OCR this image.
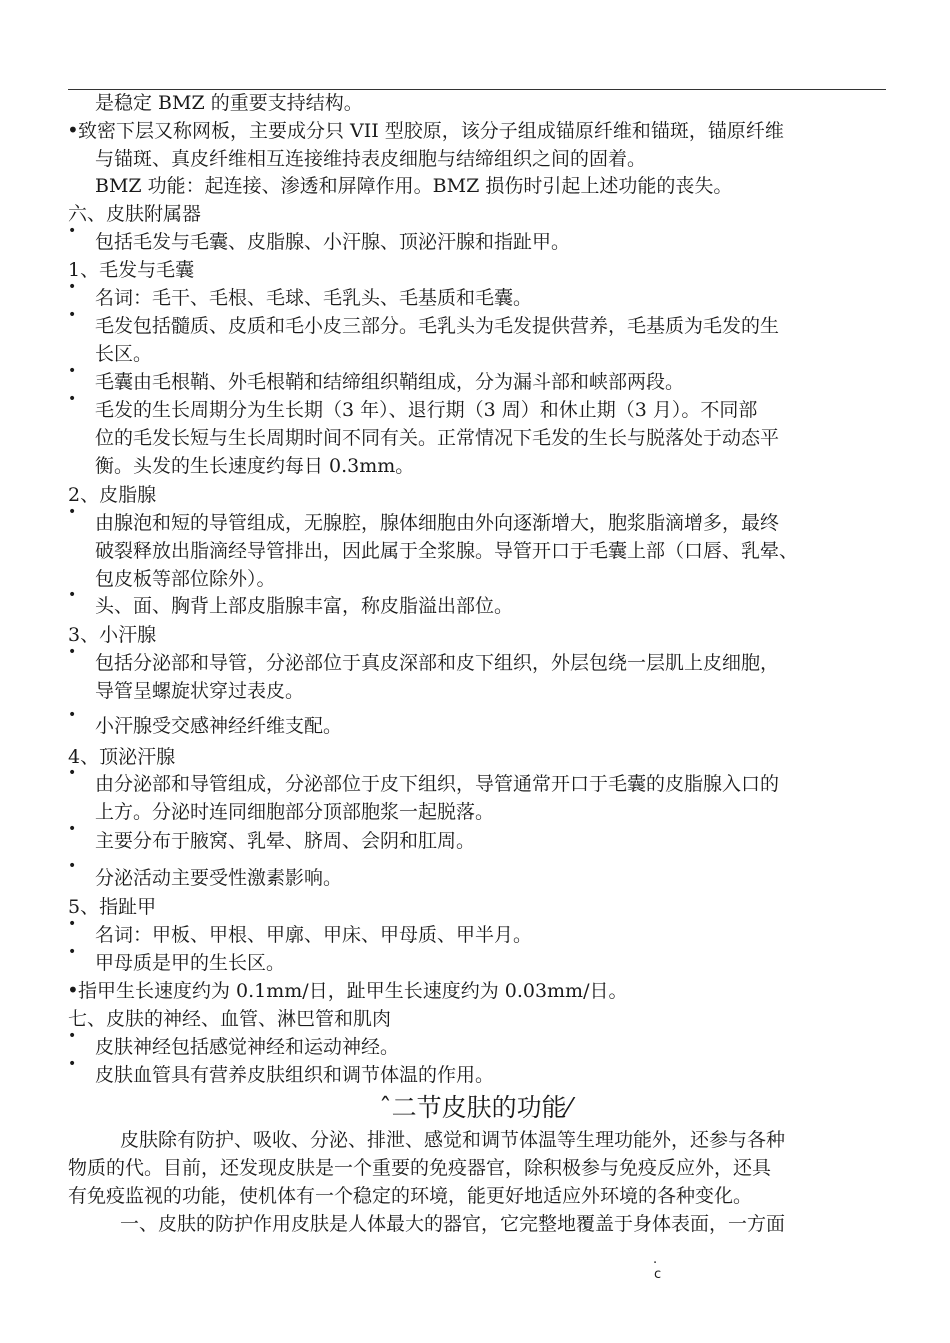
是稳定 BMZ 的重要支持结构。
• 致密下层又称网板，主要成分只 VII 型胶原，该分子组成锚原纤维和锚斑，锚原纤维
与锚斑、真皮纤维相互连接维持表皮细胞与结缔组织之间的固着。
BMZ 功能：起连接、渗透和屏障作用。BMZ 损伤时引起上述功能的丧失。
六、皮肤附属器
• 包括毛发与毛囊、皮脂腺、小汗腺、顶泌汗腺和指趾甲。
1、毛发与毛囊
• 名词：毛干、毛根、毛球、毛乳头、毛基质和毛囊。
• 毛发包括髓质、皮质和毛小皮三部分。毛乳头为毛发提供营养，毛基质为毛发的生
长区。
• 毛囊由毛根鞘、外毛根鞘和结缔组织鞘组成，分为漏斗部和峡部两段。
• 毛发的生长周期分为生长期（3 年）、退行期（3 周）和休止期（3 月）。不同部
位的毛发长短与生长周期时间不同有关。正常情况下毛发的生长与脱落处于动态平
衡。头发的生长速度约每日 0.3mm。
2、皮脂腺
• 由腺泡和短的导管组成，无腺腔，腺体细胞由外向逐渐增大，胞浆脂滴增多，最终
破裂释放出脂滴经导管排出，因此属于全浆腺。导管开口于毛囊上部（口唇、乳晕、
包皮板等部位除外）。
• 头、面、胸背上部皮脂腺丰富，称皮脂溢出部位。
3、小汗腺
• 包括分泌部和导管，分泌部位于真皮深部和皮下组织，外层包绕一层肌上皮细胞，
导管呈螺旋状穿过表皮。
• 小汗腺受交感神经纤维支配。
4、顶泌汗腺
• 由分泌部和导管组成，分泌部位于皮下组织，导管通常开口于毛囊的皮脂腺入口的
上方。分泌时连同细胞部分顶部胞浆一起脱落。
•
主要分布于腋窝、乳晕、脐周、会阴和肛周。
•
分泌活动主要受性激素影响。
5、指趾甲
• 名词：甲板、甲根、甲廓、甲床、甲母质、甲半月。
• 甲母质是甲的生长区。
• 指甲生长速度约为 0.1mm/日，趾甲生长速度约为 0.03mm/日。
七、皮肤的神经、血管、淋巴管和肌肉
• 皮肤神经包括感觉神经和运动神经。
• 皮肤血管具有营养皮肤组织和调节体温的作用。
ˆ二节皮肤的功能⁄
皮肤除有防护、吸收、分泌、排泄、感觉和调节体温等生理功能外，还参与各种
物质的代。目前，还发现皮肤是一个重要的免疫器官，除积极参与免疫反应外，还具
有免疫监视的功能，使机体有一个稳定的环境，能更好地适应外环境的各种变化。
一、皮肤的防护作用皮肤是人体最大的器官，它完整地覆盖于身体表面，一方面
.
c
